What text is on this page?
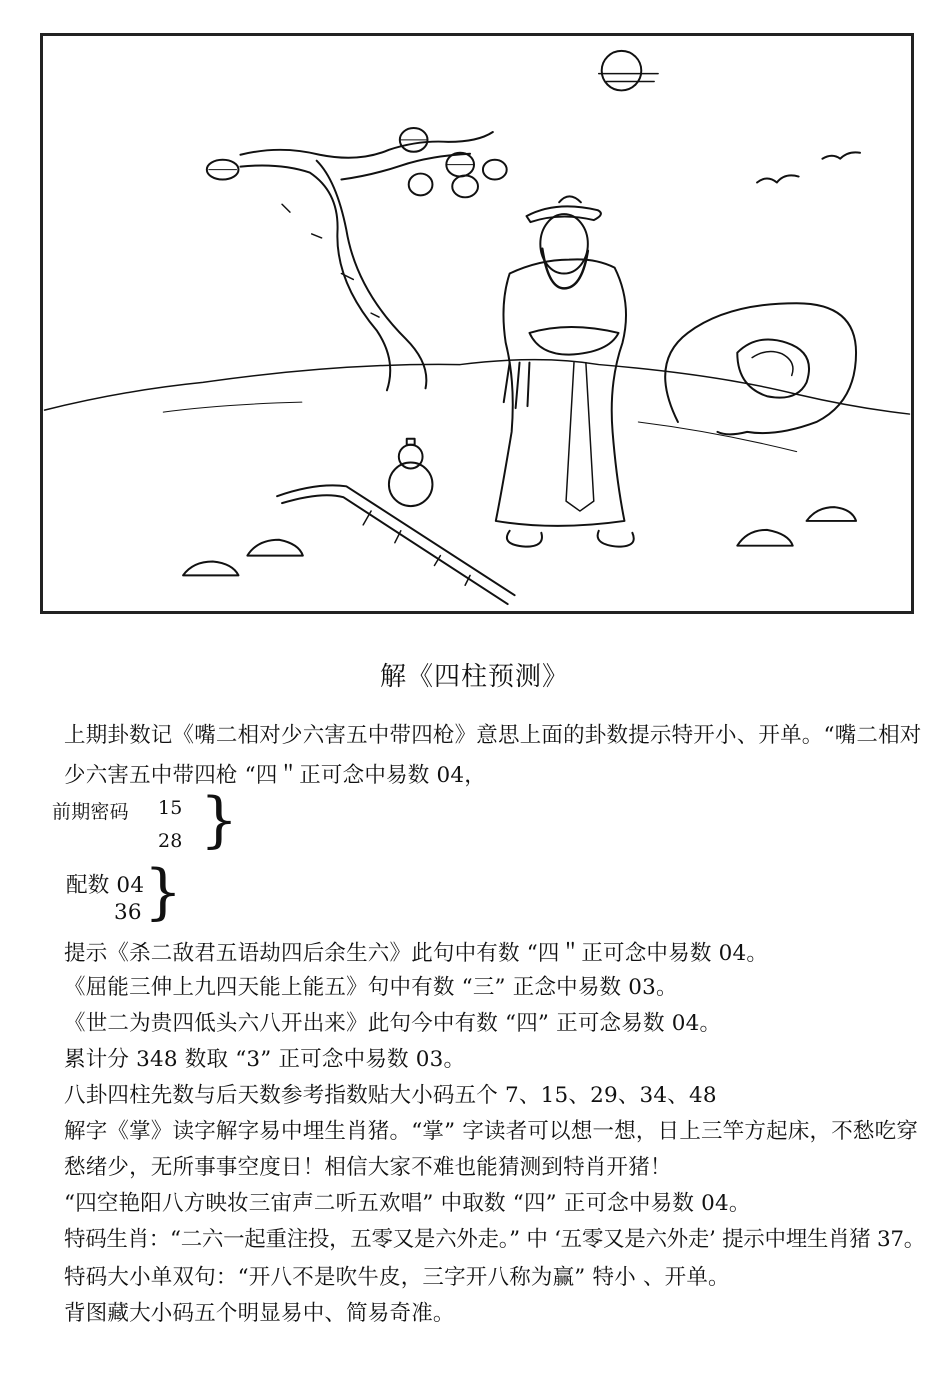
解《四柱预测》
上期卦数记《嘴二相对少六害五中带四枪》意思上面的卦数提示特开小、开单。“嘴二相对
少六害五中带四枪 “四＂正可念中易数 04，
前期密码 15
28 }
配数 04
36 }
提示《杀二敌君五语劫四后余生六》此句中有数 “四＂正可念中易数 04。
《屈能三伸上九四天能上能五》句中有数 “三” 正念中易数 03。
《世二为贵四低头六八开出来》此句今中有数 “四” 正可念易数 04。
累计分 348 数取 “3” 正可念中易数 03。
八卦四柱先数与后天数参考指数贴大小码五个 7、15、29、34、48
解字《掌》读字解字易中埋生肖猪。“掌” 字读者可以想一想，日上三竿方起床，不愁吃穿
愁绪少，无所事事空度日！相信大家不难也能猜测到特肖开猪！
“四空艳阳八方映妆三宙声二听五欢唱” 中取数 “四” 正可念中易数 04。
特码生肖：“二六一起重注投，五零又是六外走。” 中 ‘五零又是六外走’ 提示中埋生肖猪 37。
特码大小单双句：“开八不是吹牛皮，三字开八称为赢” 特小 、开单。
背图藏大小码五个明显易中、简易奇准。
